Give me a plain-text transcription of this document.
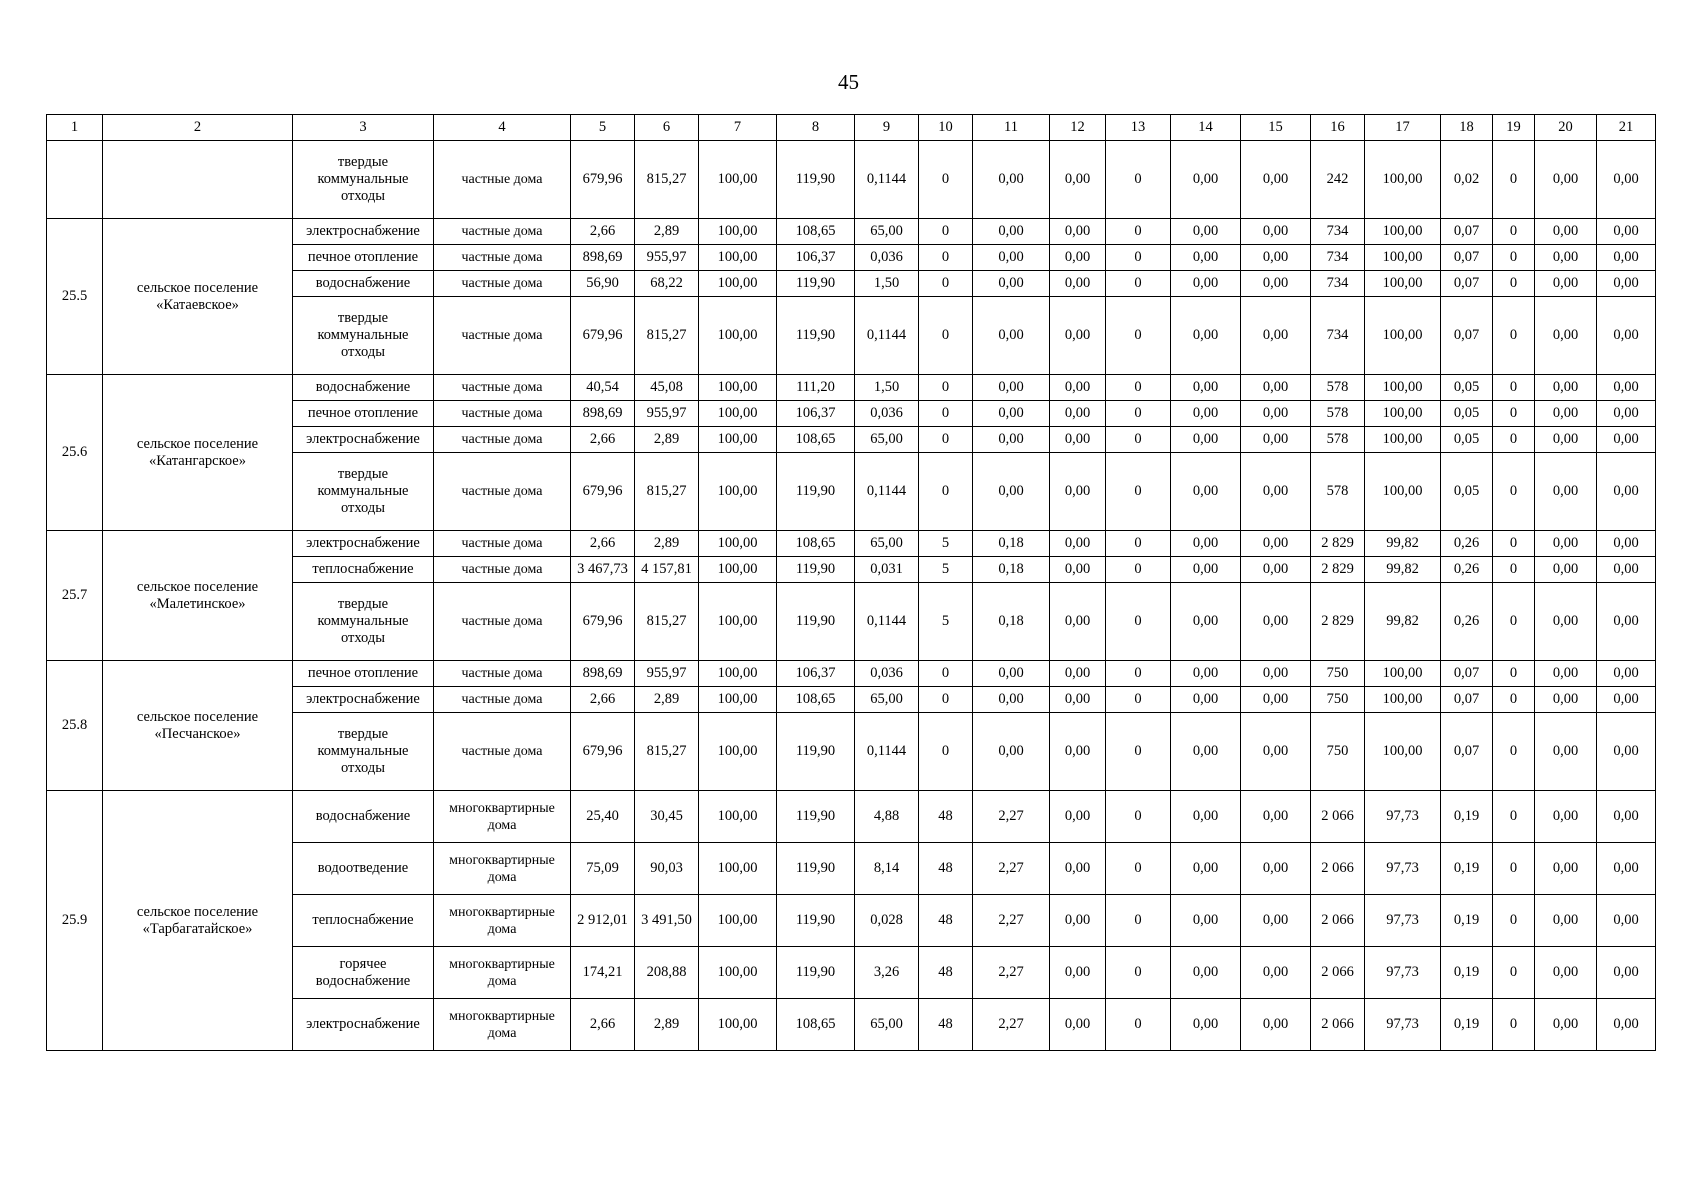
45
1	2	3	4	5	6	7	8	9	10	11	12	13	14	15	16	17	18	19	20	21
		твердые коммунальные отходы	частные дома	679,96	815,27	100,00	119,90	0,1144	0	0,00	0,00	0	0,00	0,00	242	100,00	0,02	0	0,00	0,00
25.5	сельское поселение «Катаевское»	электроснабжение	частные дома	2,66	2,89	100,00	108,65	65,00	0	0,00	0,00	0	0,00	0,00	734	100,00	0,07	0	0,00	0,00
		печное отопление	частные дома	898,69	955,97	100,00	106,37	0,036	0	0,00	0,00	0	0,00	0,00	734	100,00	0,07	0	0,00	0,00
		водоснабжение	частные дома	56,90	68,22	100,00	119,90	1,50	0	0,00	0,00	0	0,00	0,00	734	100,00	0,07	0	0,00	0,00
		твердые коммунальные отходы	частные дома	679,96	815,27	100,00	119,90	0,1144	0	0,00	0,00	0	0,00	0,00	734	100,00	0,07	0	0,00	0,00
25.6	сельское поселение «Катангарское»	водоснабжение	частные дома	40,54	45,08	100,00	111,20	1,50	0	0,00	0,00	0	0,00	0,00	578	100,00	0,05	0	0,00	0,00
		печное отопление	частные дома	898,69	955,97	100,00	106,37	0,036	0	0,00	0,00	0	0,00	0,00	578	100,00	0,05	0	0,00	0,00
		электроснабжение	частные дома	2,66	2,89	100,00	108,65	65,00	0	0,00	0,00	0	0,00	0,00	578	100,00	0,05	0	0,00	0,00
		твердые коммунальные отходы	частные дома	679,96	815,27	100,00	119,90	0,1144	0	0,00	0,00	0	0,00	0,00	578	100,00	0,05	0	0,00	0,00
25.7	сельское поселение «Малетинское»	электроснабжение	частные дома	2,66	2,89	100,00	108,65	65,00	5	0,18	0,00	0	0,00	0,00	2 829	99,82	0,26	0	0,00	0,00
		теплоснабжение	частные дома	3 467,73	4 157,81	100,00	119,90	0,031	5	0,18	0,00	0	0,00	0,00	2 829	99,82	0,26	0	0,00	0,00
		твердые коммунальные отходы	частные дома	679,96	815,27	100,00	119,90	0,1144	5	0,18	0,00	0	0,00	0,00	2 829	99,82	0,26	0	0,00	0,00
25.8	сельское поселение «Песчанское»	печное отопление	частные дома	898,69	955,97	100,00	106,37	0,036	0	0,00	0,00	0	0,00	0,00	750	100,00	0,07	0	0,00	0,00
		электроснабжение	частные дома	2,66	2,89	100,00	108,65	65,00	0	0,00	0,00	0	0,00	0,00	750	100,00	0,07	0	0,00	0,00
		твердые коммунальные отходы	частные дома	679,96	815,27	100,00	119,90	0,1144	0	0,00	0,00	0	0,00	0,00	750	100,00	0,07	0	0,00	0,00
25.9	сельское поселение «Тарбагатайское»	водоснабжение	многоквартирные дома	25,40	30,45	100,00	119,90	4,88	48	2,27	0,00	0	0,00	0,00	2 066	97,73	0,19	0	0,00	0,00
		водоотведение	многоквартирные дома	75,09	90,03	100,00	119,90	8,14	48	2,27	0,00	0	0,00	0,00	2 066	97,73	0,19	0	0,00	0,00
		теплоснабжение	многоквартирные дома	2 912,01	3 491,50	100,00	119,90	0,028	48	2,27	0,00	0	0,00	0,00	2 066	97,73	0,19	0	0,00	0,00
		горячее водоснабжение	многоквартирные дома	174,21	208,88	100,00	119,90	3,26	48	2,27	0,00	0	0,00	0,00	2 066	97,73	0,19	0	0,00	0,00
		электроснабжение	многоквартирные дома	2,66	2,89	100,00	108,65	65,00	48	2,27	0,00	0	0,00	0,00	2 066	97,73	0,19	0	0,00	0,00
